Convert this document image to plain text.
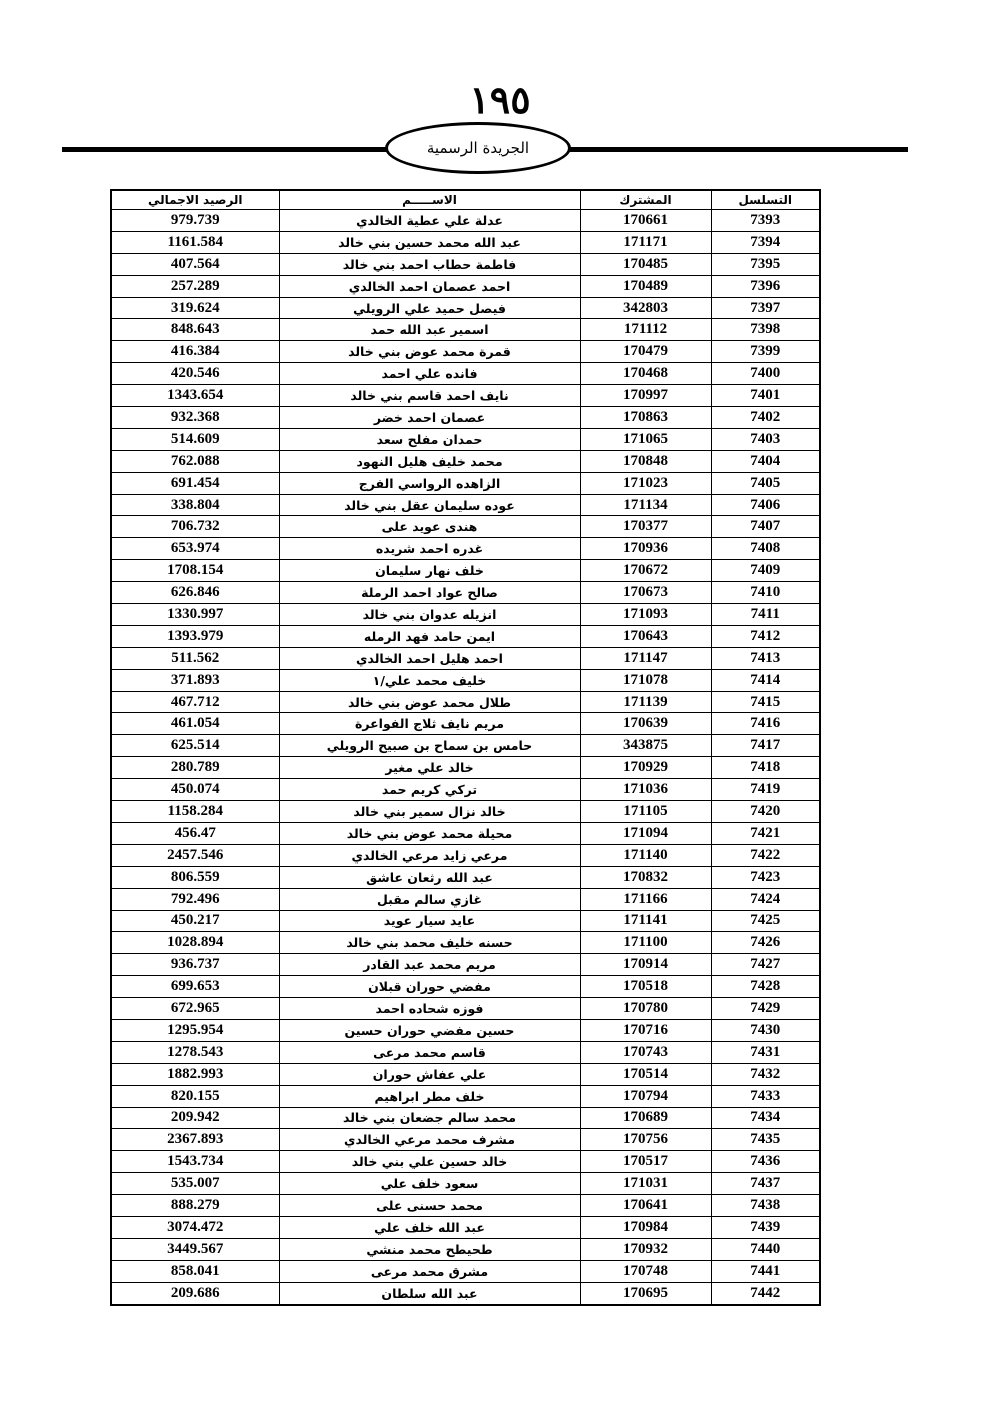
١٩٥
الجريدة الرسمية
الرصيد الاجمالي	الاســـــم	المشترك	التسلسل
979.739	عدلة علي عطية الخالدي	170661	7393
1161.584	عبد الله محمد حسين بني خالد	171171	7394
407.564	فاطمة حطاب احمد بني خالد	170485	7395
257.289	احمد عصمان احمد الخالدي	170489	7396
319.624	فيصل حميد علي الرويلي	342803	7397
848.643	اسمير عبد الله حمد	171112	7398
416.384	قمرة محمد عوض بني خالد	170479	7399
420.546	فانده علي احمد	170468	7400
1343.654	نايف احمد قاسم بني خالد	170997	7401
932.368	عصمان احمد خضر	170863	7402
514.609	حمدان مفلح سعد	171065	7403
762.088	محمد خليف هليل النهود	170848	7404
691.454	الزاهده الرواسي الفرج	171023	7405
338.804	عوده سليمان عقل بني خالد	171134	7406
706.732	هندى عويد على	170377	7407
653.974	غدره احمد شريده	170936	7408
1708.154	خلف نهار سليمان	170672	7409
626.846	صالح عواد احمد الرملة	170673	7410
1330.997	انزيله عدوان بني خالد	171093	7411
1393.979	ايمن حامد فهد الرمله	170643	7412
511.562	احمد هليل احمد الخالدي	171147	7413
371.893	خليف محمد علي/١	171078	7414
467.712	طلال محمد عوض بني خالد	171139	7415
461.054	مريم نايف ثلاج الفواعرة	170639	7416
625.514	حامس بن سماح بن صبيح الرويلي	343875	7417
280.789	خالد علي مغير	170929	7418
450.074	تركي كريم حمد	171036	7419
1158.284	خالد نزال سمير بني خالد	171105	7420
456.47	محيلة محمد عوض بني خالد	171094	7421
2457.546	مرعي زايد مرعي الخالدي	171140	7422
806.559	عبد الله رثعان عاشق	170832	7423
792.496	غازي سالم مقبل	171166	7424
450.217	عايد سيار عويد	171141	7425
1028.894	حسنه خليف محمد بني خالد	171100	7426
936.737	مريم محمد عبد القادر	170914	7427
699.653	مفضي حوران قبلان	170518	7428
672.965	فوزه شحاده احمد	170780	7429
1295.954	حسين مفضي حوران حسين	170716	7430
1278.543	قاسم محمد مرعى	170743	7431
1882.993	علي عفاش حوران	170514	7432
820.155	خلف مطر ابراهيم	170794	7433
209.942	محمد سالم جضعان بني خالد	170689	7434
2367.893	مشرف محمد مرعي الخالدي	170756	7435
1543.734	خالد حسين علي بني خالد	170517	7436
535.007	سعود خلف علي	171031	7437
888.279	محمد حسنى على	170641	7438
3074.472	عبد الله خلف علي	170984	7439
3449.567	طحيطح محمد منشي	170932	7440
858.041	مشرق محمد مرعى	170748	7441
209.686	عبد الله سلطان	170695	7442
